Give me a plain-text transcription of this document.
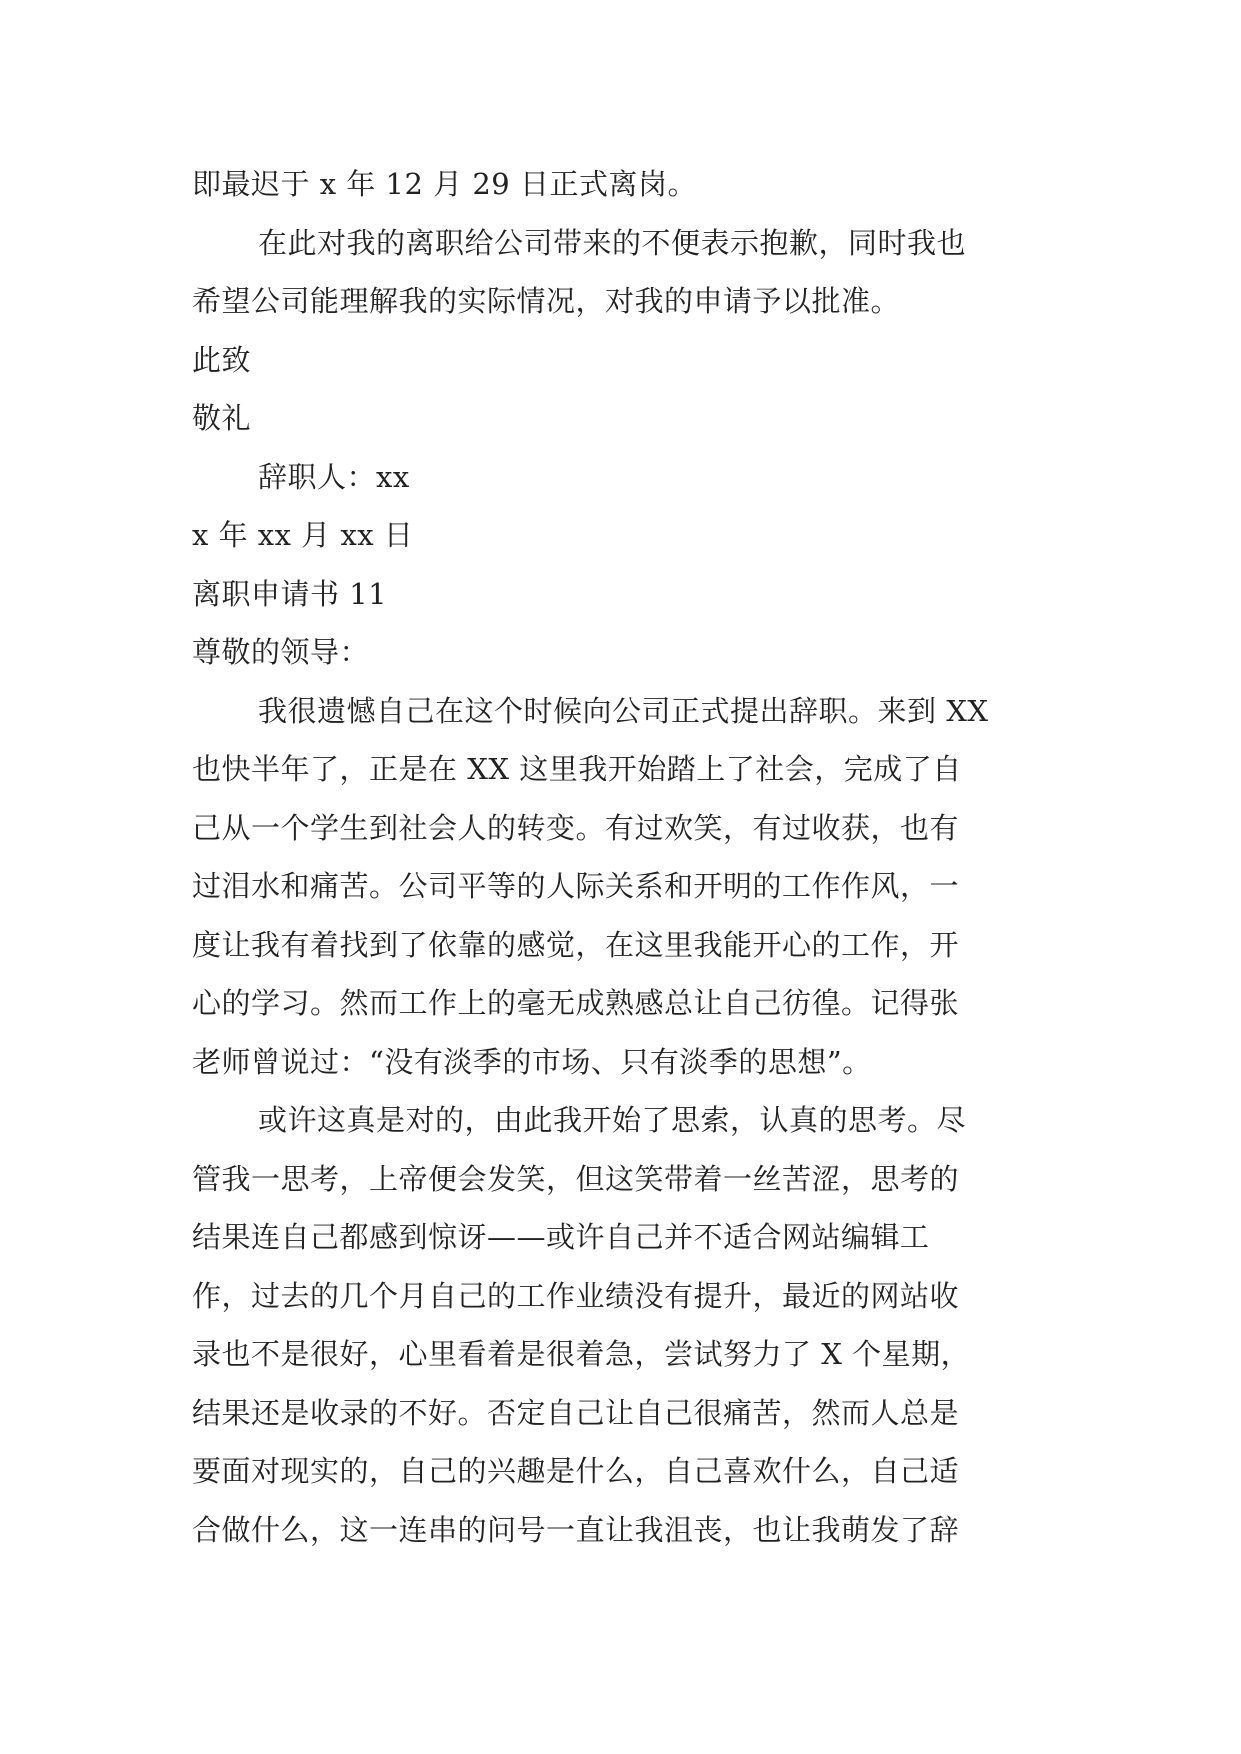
即最迟于 x 年 12 月 29 日正式离岗。
在此对我的离职给公司带来的不便表示抱歉，同时我也
希望公司能理解我的实际情况，对我的申请予以批准。
此致
敬礼
辞职人：xx
x 年 xx 月 xx 日
离职申请书 11
尊敬的领导：
我很遗憾自己在这个时候向公司正式提出辞职。来到 XX
也快半年了，正是在 XX 这里我开始踏上了社会，完成了自
己从一个学生到社会人的转变。有过欢笑，有过收获，也有
过泪水和痛苦。公司平等的人际关系和开明的工作作风，一
度让我有着找到了依靠的感觉，在这里我能开心的工作，开
心的学习。然而工作上的毫无成熟感总让自己彷徨。记得张
老师曾说过：“没有淡季的市场、只有淡季的思想”。
或许这真是对的，由此我开始了思索，认真的思考。尽
管我一思考，上帝便会发笑，但这笑带着一丝苦涩，思考的
结果连自己都感到惊讶——或许自己并不适合网站编辑工
作，过去的几个月自己的工作业绩没有提升，最近的网站收
录也不是很好，心里看着是很着急，尝试努力了 X 个星期，
结果还是收录的不好。否定自己让自己很痛苦，然而人总是
要面对现实的，自己的兴趣是什么，自己喜欢什么，自己适
合做什么，这一连串的问号一直让我沮丧，也让我萌发了辞
